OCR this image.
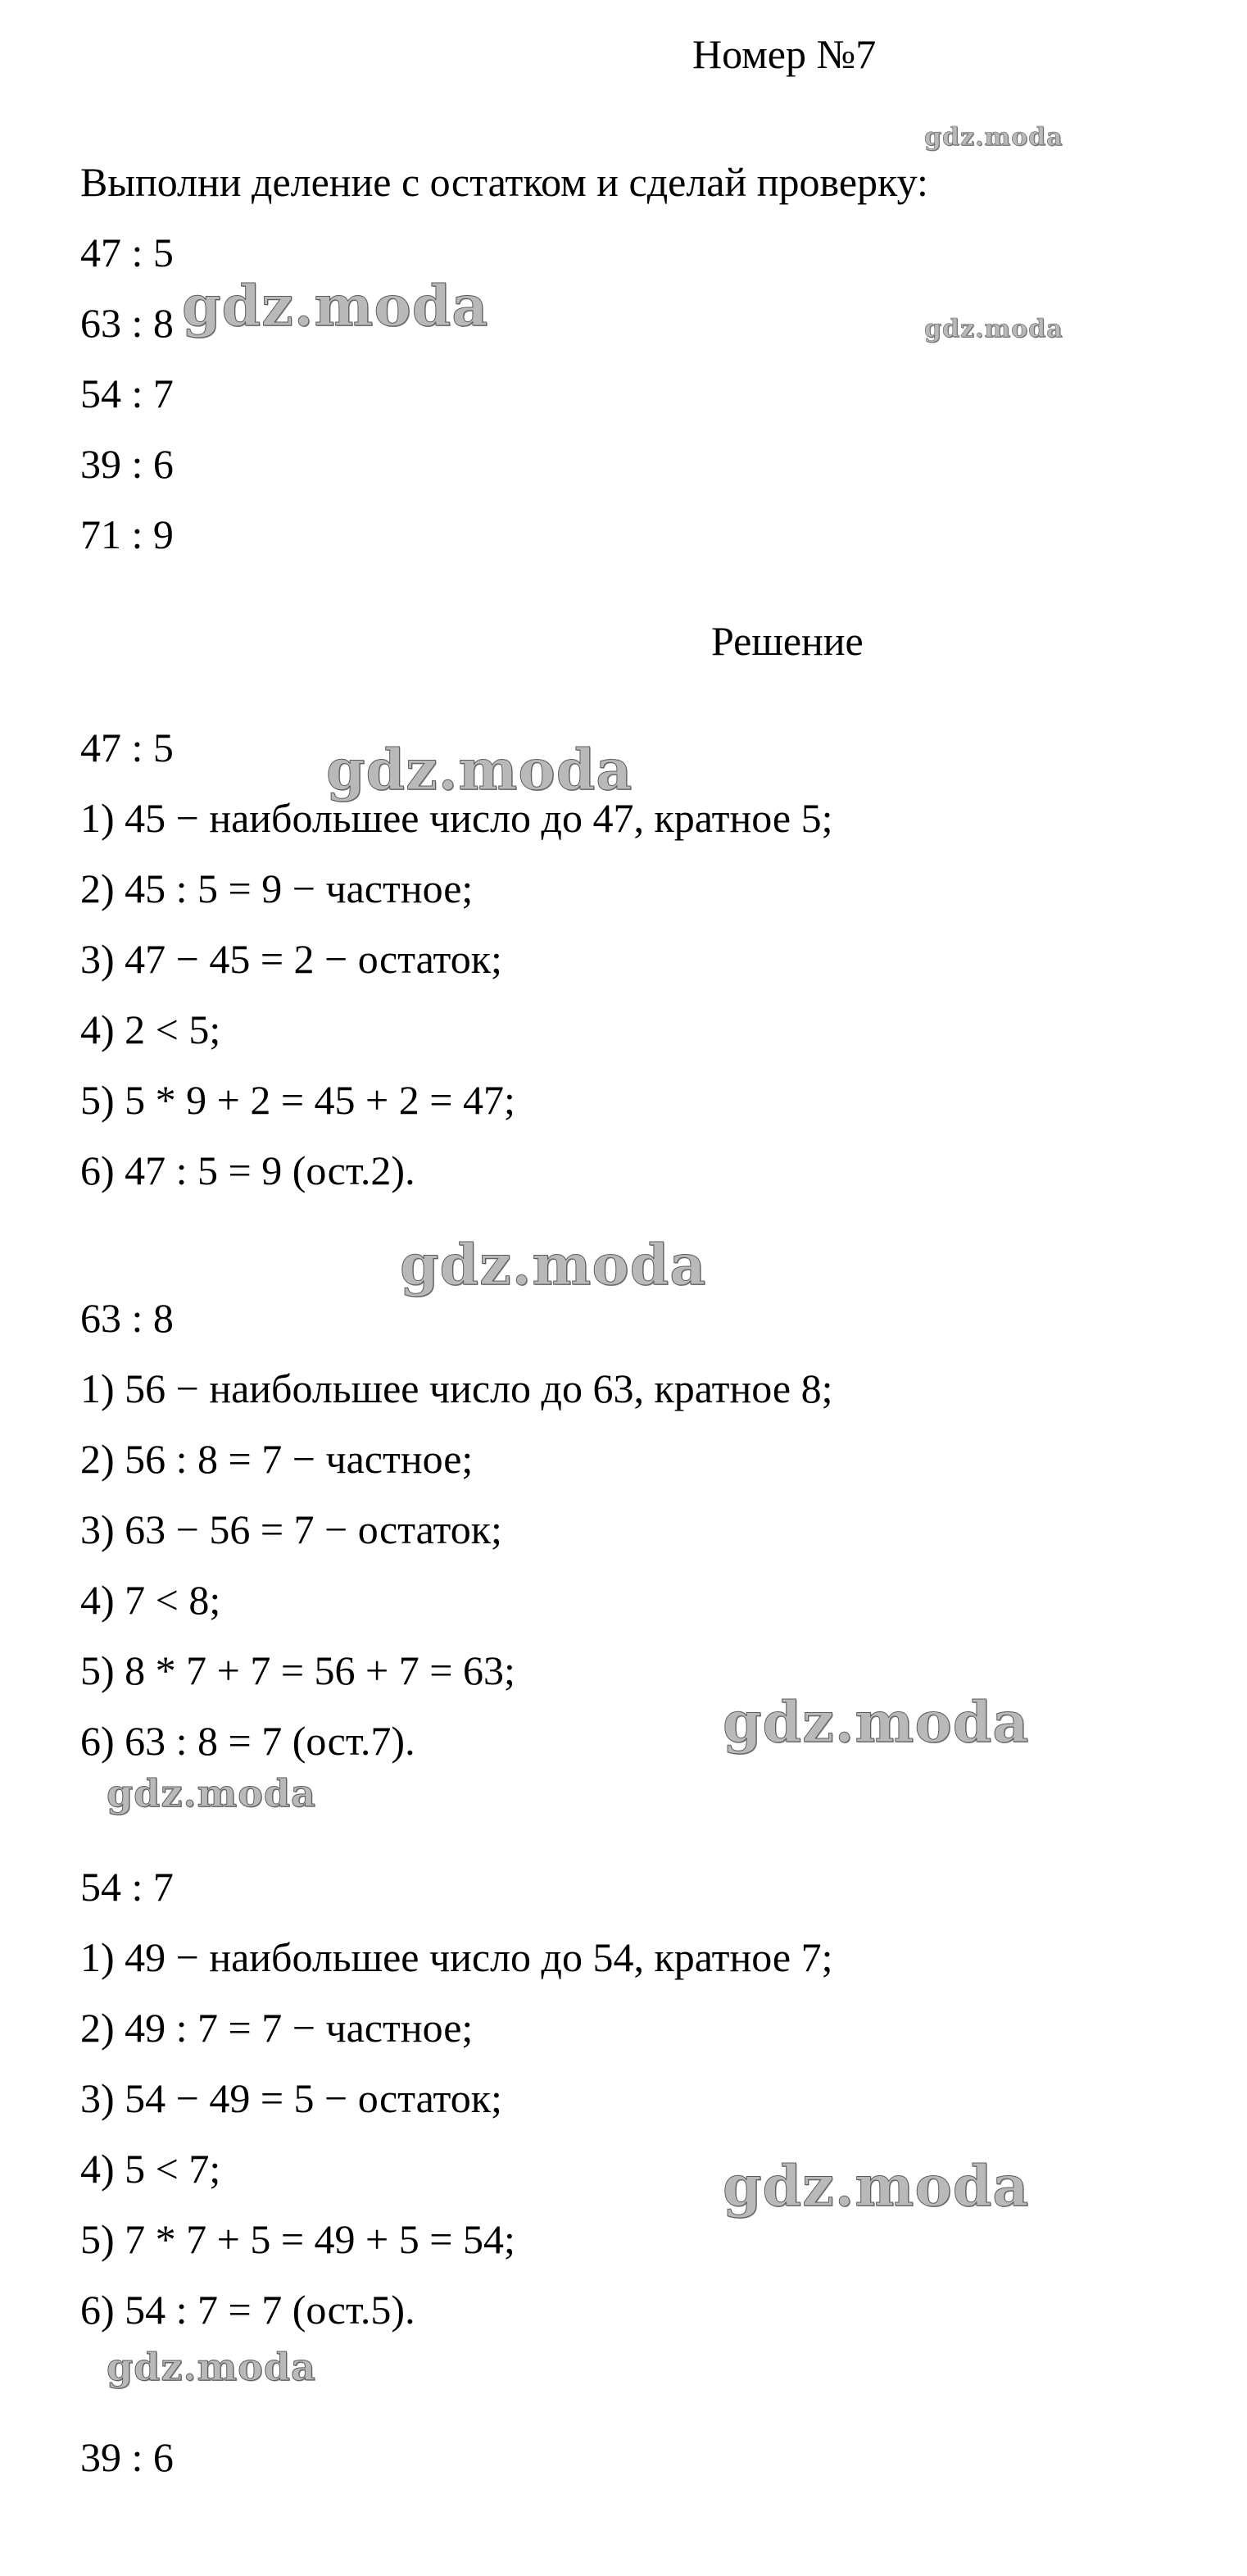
Номер №7
Выполни деление с остатком и сделай проверку:
47 : 5
63 : 8
54 : 7
39 : 6
71 : 9
Решение
47 : 5
1) 45 − наибольшее число до 47, кратное 5;
2) 45 : 5 = 9 − частное;
3) 47 − 45 = 2 − остаток;
4) 2 < 5;
5) 5 * 9 + 2 = 45 + 2 = 47;
6) 47 : 5 = 9 (ост.2).
63 : 8
1) 56 − наибольшее число до 63, кратное 8;
2) 56 : 8 = 7 − частное;
3) 63 − 56 = 7 − остаток;
4) 7 < 8;
5) 8 * 7 + 7 = 56 + 7 = 63;
6) 63 : 8 = 7 (ост.7).
54 : 7
1) 49 − наибольшее число до 54, кратное 7;
2) 49 : 7 = 7 − частное;
3) 54 − 49 = 5 − остаток;
4) 5 < 7;
5) 7 * 7 + 5 = 49 + 5 = 54;
6) 54 : 7 = 7 (ост.5).
39 : 6
gdz.moda
gdz.moda	gdz.moda
gdz.moda
gdz.moda
gdz.moda
gdz.moda
gdz.moda
gdz.moda
